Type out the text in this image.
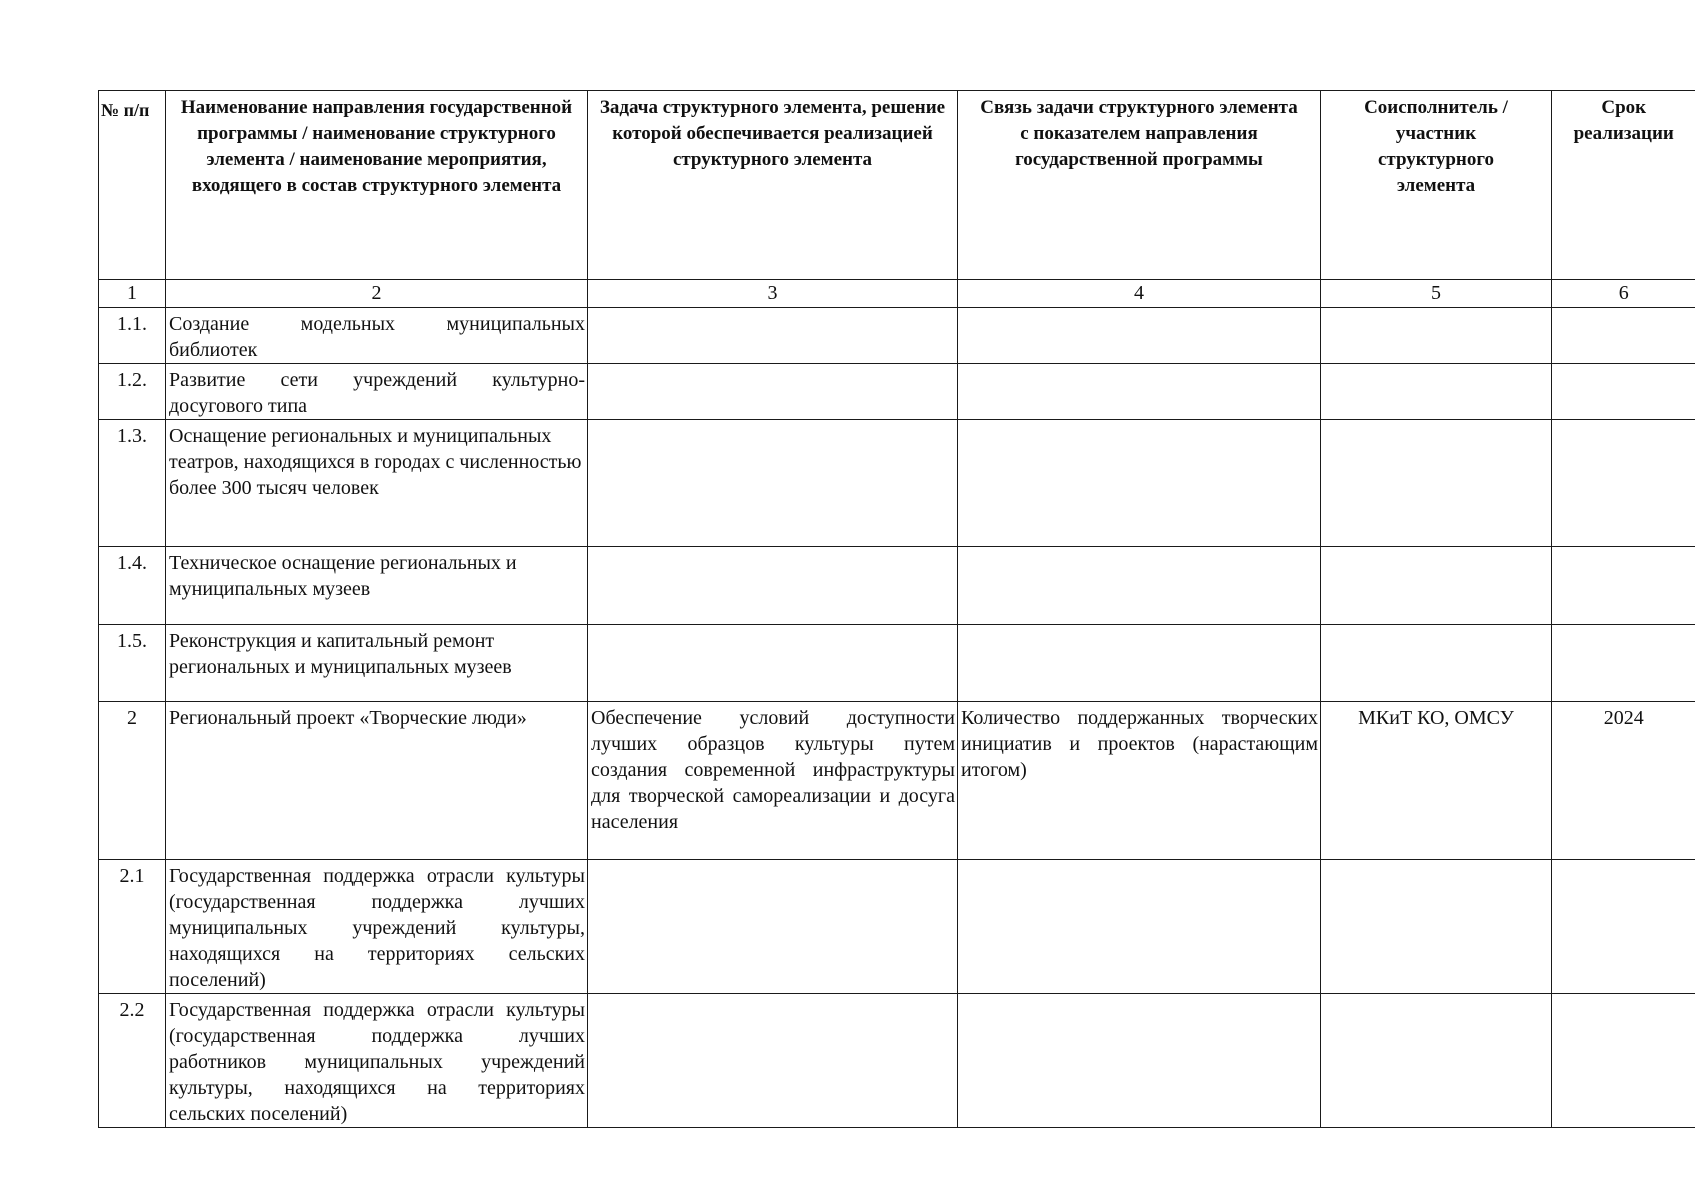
№ п/п	Наименование направления государственной программы / наименование структурного элемента / наименование мероприятия, входящего в состав структурного элемента	Задача структурного элемента, решение которой обеспечивается реализацией структурного элемента	Связь задачи структурного элемента с показателем направления государственной программы	Соисполнитель / участник структурного элемента	Срок реализации
1	2	3	4	5	6
1.1.	Создание модельных муниципальных библиотек				
1.2.	Развитие сети учреждений культурно-досугового типа				
1.3.	Оснащение региональных и муниципальных театров, находящихся в городах с численностью более 300 тысяч человек				
1.4.	Техническое оснащение региональных и муниципальных музеев				
1.5.	Реконструкция и капитальный ремонт региональных и муниципальных музеев				
2	Региональный проект «Творческие люди»	Обеспечение условий доступности лучших образцов культуры путем создания современной инфраструктуры для творческой самореализации и досуга населения	Количество поддержанных творческих инициатив и проектов (нарастающим итогом)	МКиТ КО, ОМСУ	2024
2.1	Государственная поддержка отрасли культуры (государственная поддержка лучших муниципальных учреждений культуры, находящихся на территориях сельских поселений)				
2.2	Государственная поддержка отрасли культуры (государственная поддержка лучших работников муниципальных учреждений культуры, находящихся на территориях сельских поселений)				
